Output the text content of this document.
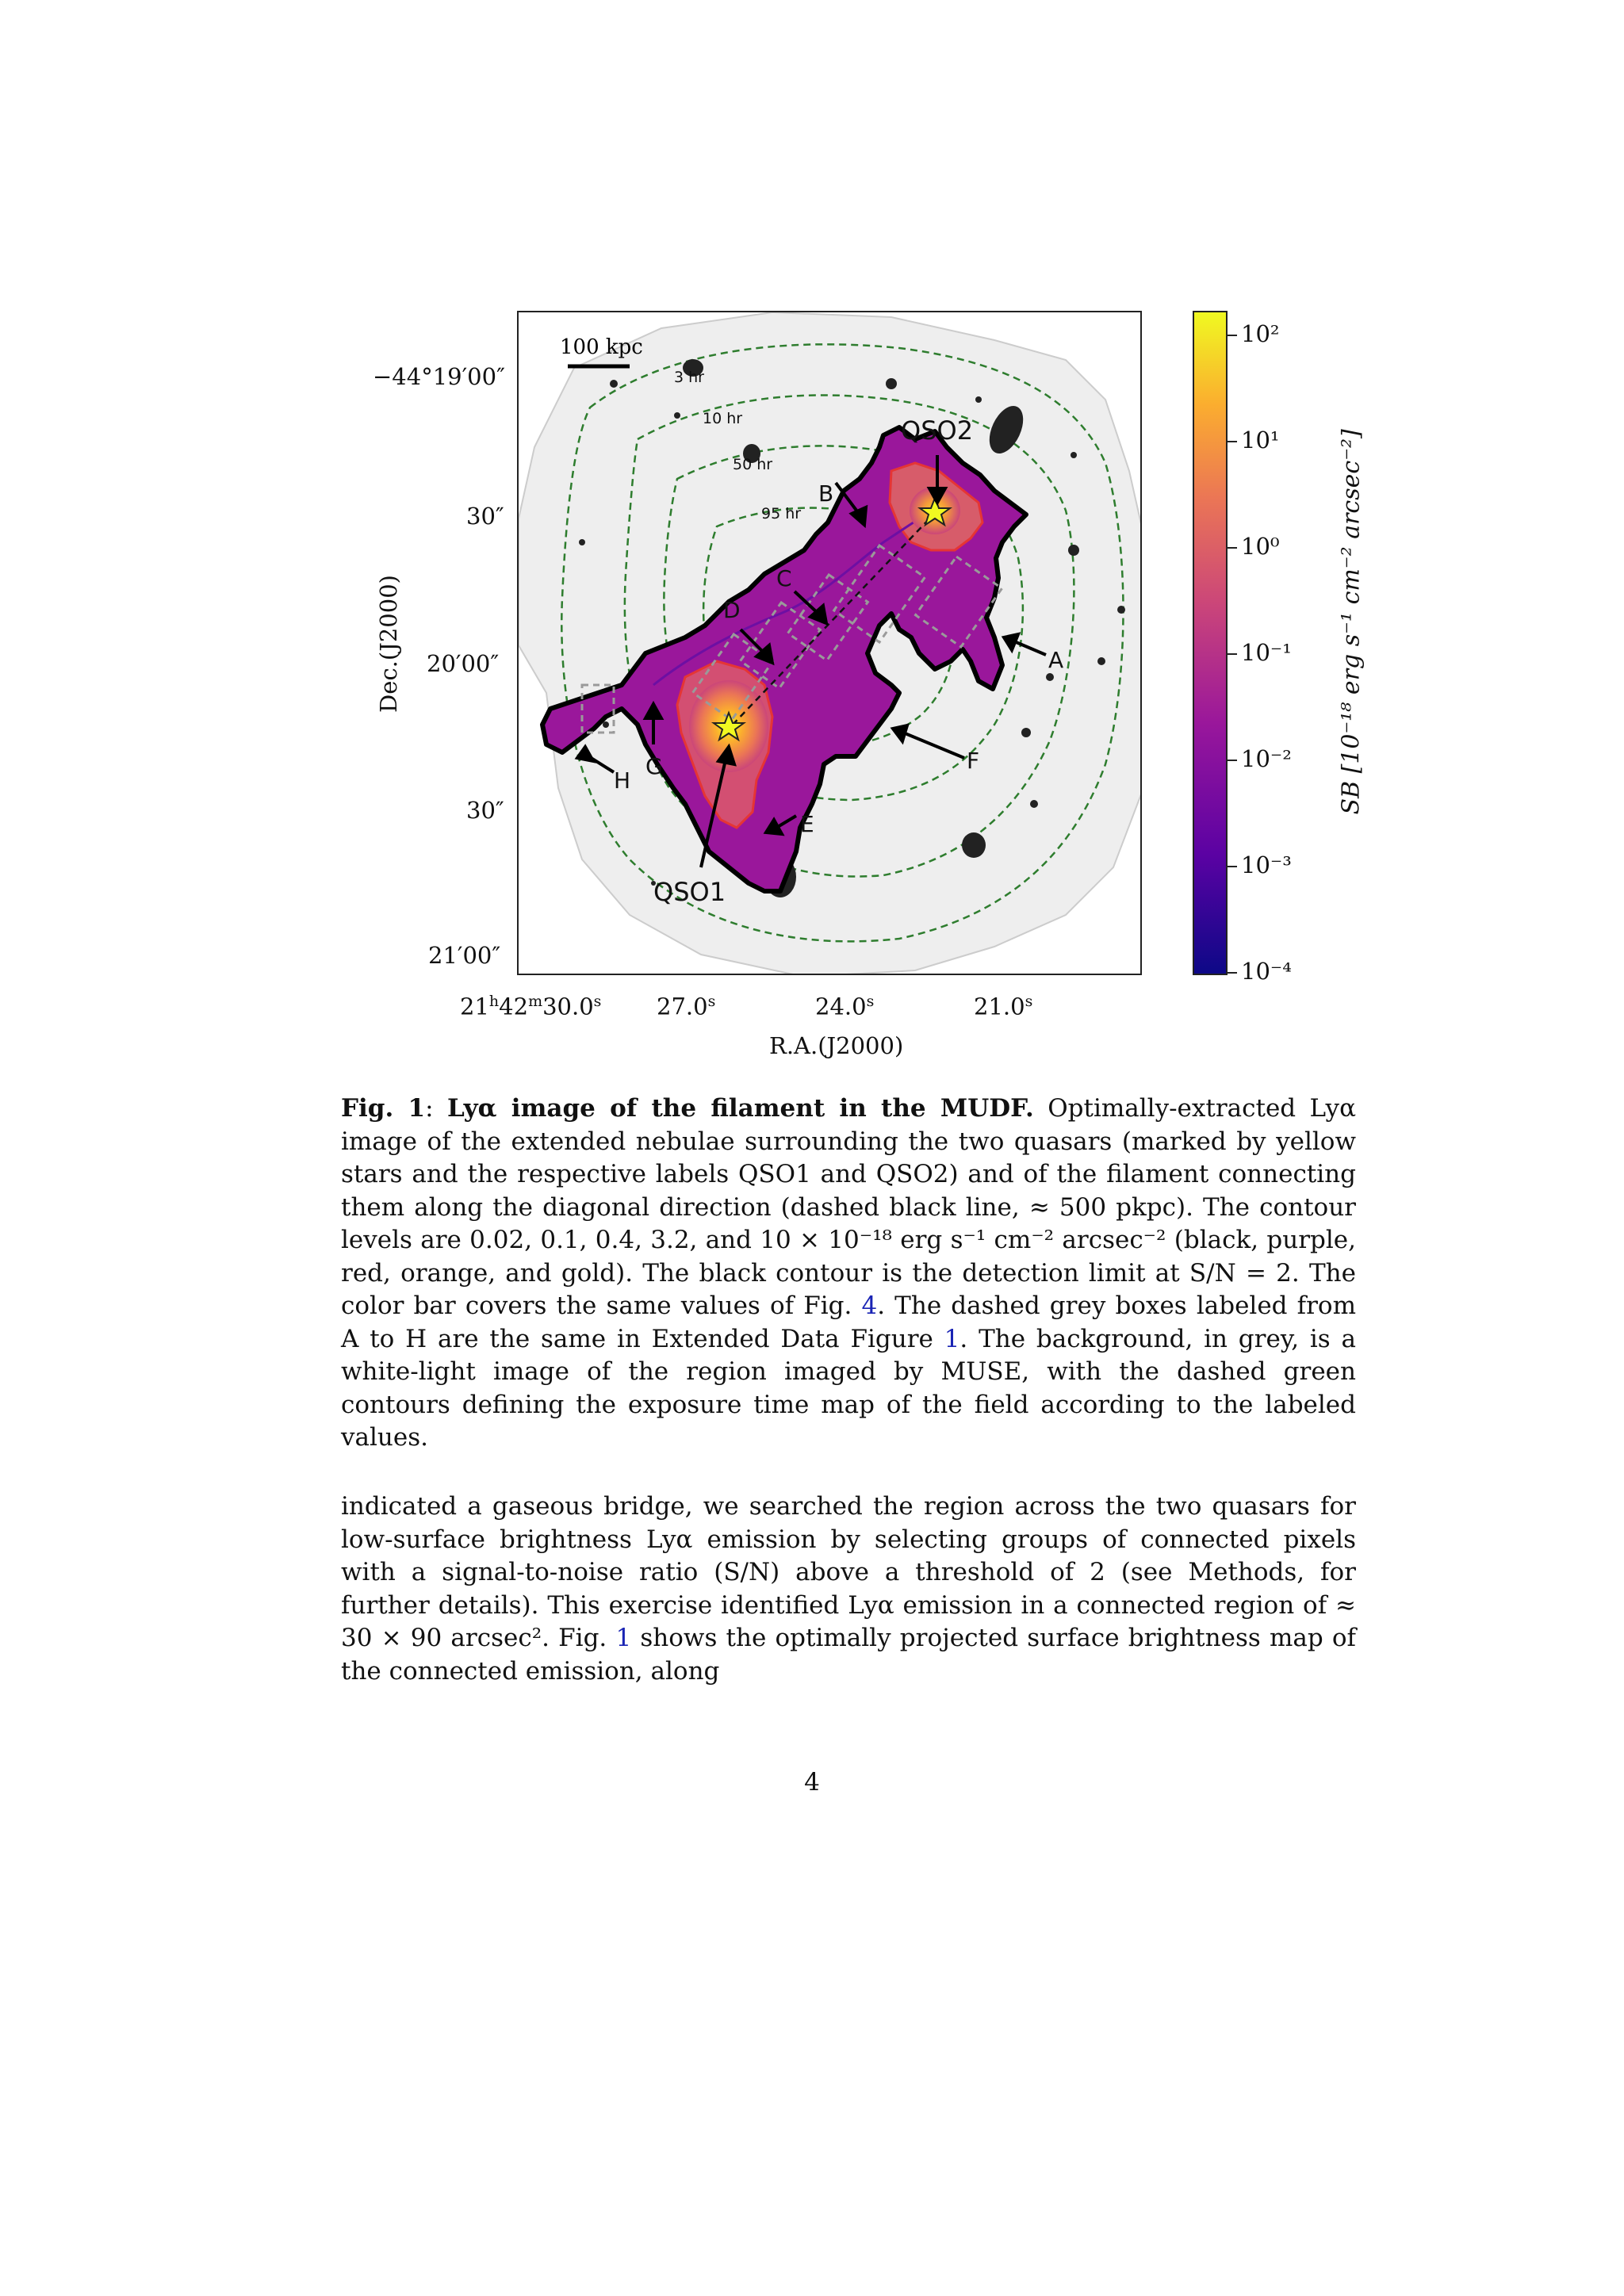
100 kpc
3 hr
10 hr
50 hr
95 hr
A
B
C
D
E
F
G
H
QSO1
QSO2
−44°19′00″
30″
20′00″
30″
21′00″
21$^h$42$^m$30.0$^s$ 27.0$^s$	24.0$^s$	21.0$^s$
R.A.(J2000)
Dec.(J2000)
10²
10¹
10⁰
10⁻¹
10⁻²
10⁻³
10⁻⁴
SB [10⁻¹⁸ erg s⁻¹ cm⁻² arcsec⁻²]
Fig. 1: Lyα image of the filament in the MUDF. Optimally-extracted Lyα image of the extended nebulae surrounding the two quasars (marked by yellow stars and the respective labels QSO1 and QSO2) and of the filament connecting them along the diagonal direction (dashed black line, ≈ 500 pkpc). The contour levels are 0.02, 0.1, 0.4, 3.2, and 10 × 10⁻¹⁸ erg s⁻¹ cm⁻² arcsec⁻² (black, purple, red, orange, and gold). The black contour is the detection limit at S/N = 2. The color bar covers the same values of Fig. 4. The dashed grey boxes labeled from A to H are the same in Extended Data Figure 1. The background, in grey, is a white-light image of the region imaged by MUSE, with the dashed green contours defining the exposure time map of the field according to the labeled values.
indicated a gaseous bridge, we searched the region across the two quasars for low-surface brightness Lyα emission by selecting groups of connected pixels with a signal-to-noise ratio (S/N) above a threshold of 2 (see Methods, for further details). This exercise identified Lyα emission in a connected region of ≈ 30 × 90 arcsec². Fig. 1 shows the optimally projected surface brightness map of the connected emission, along
4
